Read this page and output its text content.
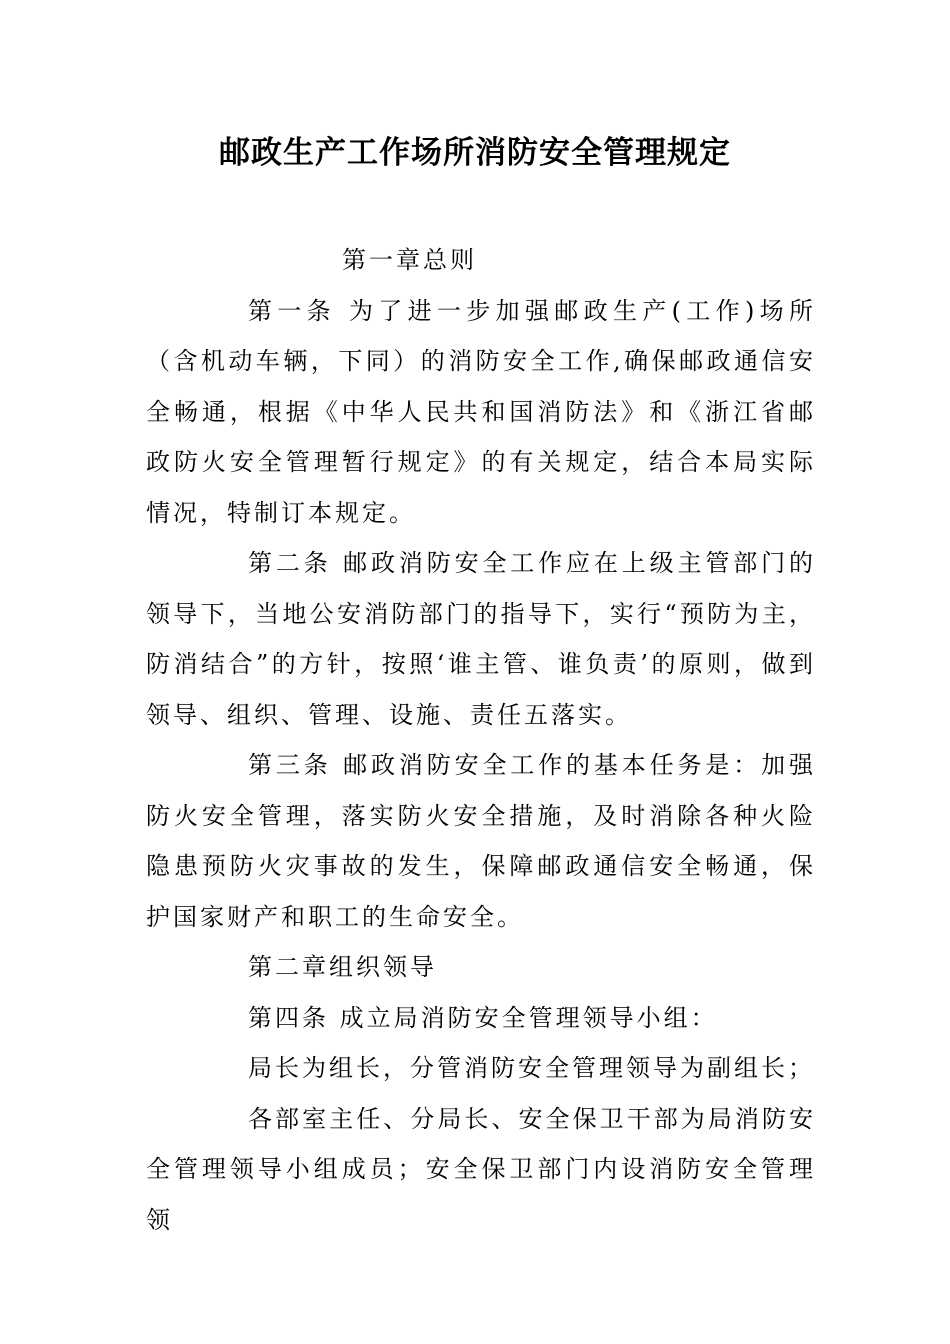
邮政生产工作场所消防安全管理规定

第一章总则

第一条 为了进一步加强邮政生产(工作)场所（含机动车辆，下同）的消防安全工作,确保邮政通信安全畅通，根据《中华人民共和国消防法》和《浙江省邮政防火安全管理暂行规定》的有关规定，结合本局实际情况，特制订本规定。

第二条 邮政消防安全工作应在上级主管部门的领导下，当地公安消防部门的指导下，实行“预防为主，防消结合”的方针，按照‘谁主管、谁负责’的原则，做到领导、组织、管理、设施、责任五落实。

第三条 邮政消防安全工作的基本任务是：加强防火安全管理，落实防火安全措施，及时消除各种火险隐患预防火灾事故的发生，保障邮政通信安全畅通，保护国家财产和职工的生命安全。

第二章组织领导

第四条 成立局消防安全管理领导小组：

局长为组长，分管消防安全管理领导为副组长；

各部室主任、分局长、安全保卫干部为局消防安全管理领导小组成员；安全保卫部门内设消防安全管理领
